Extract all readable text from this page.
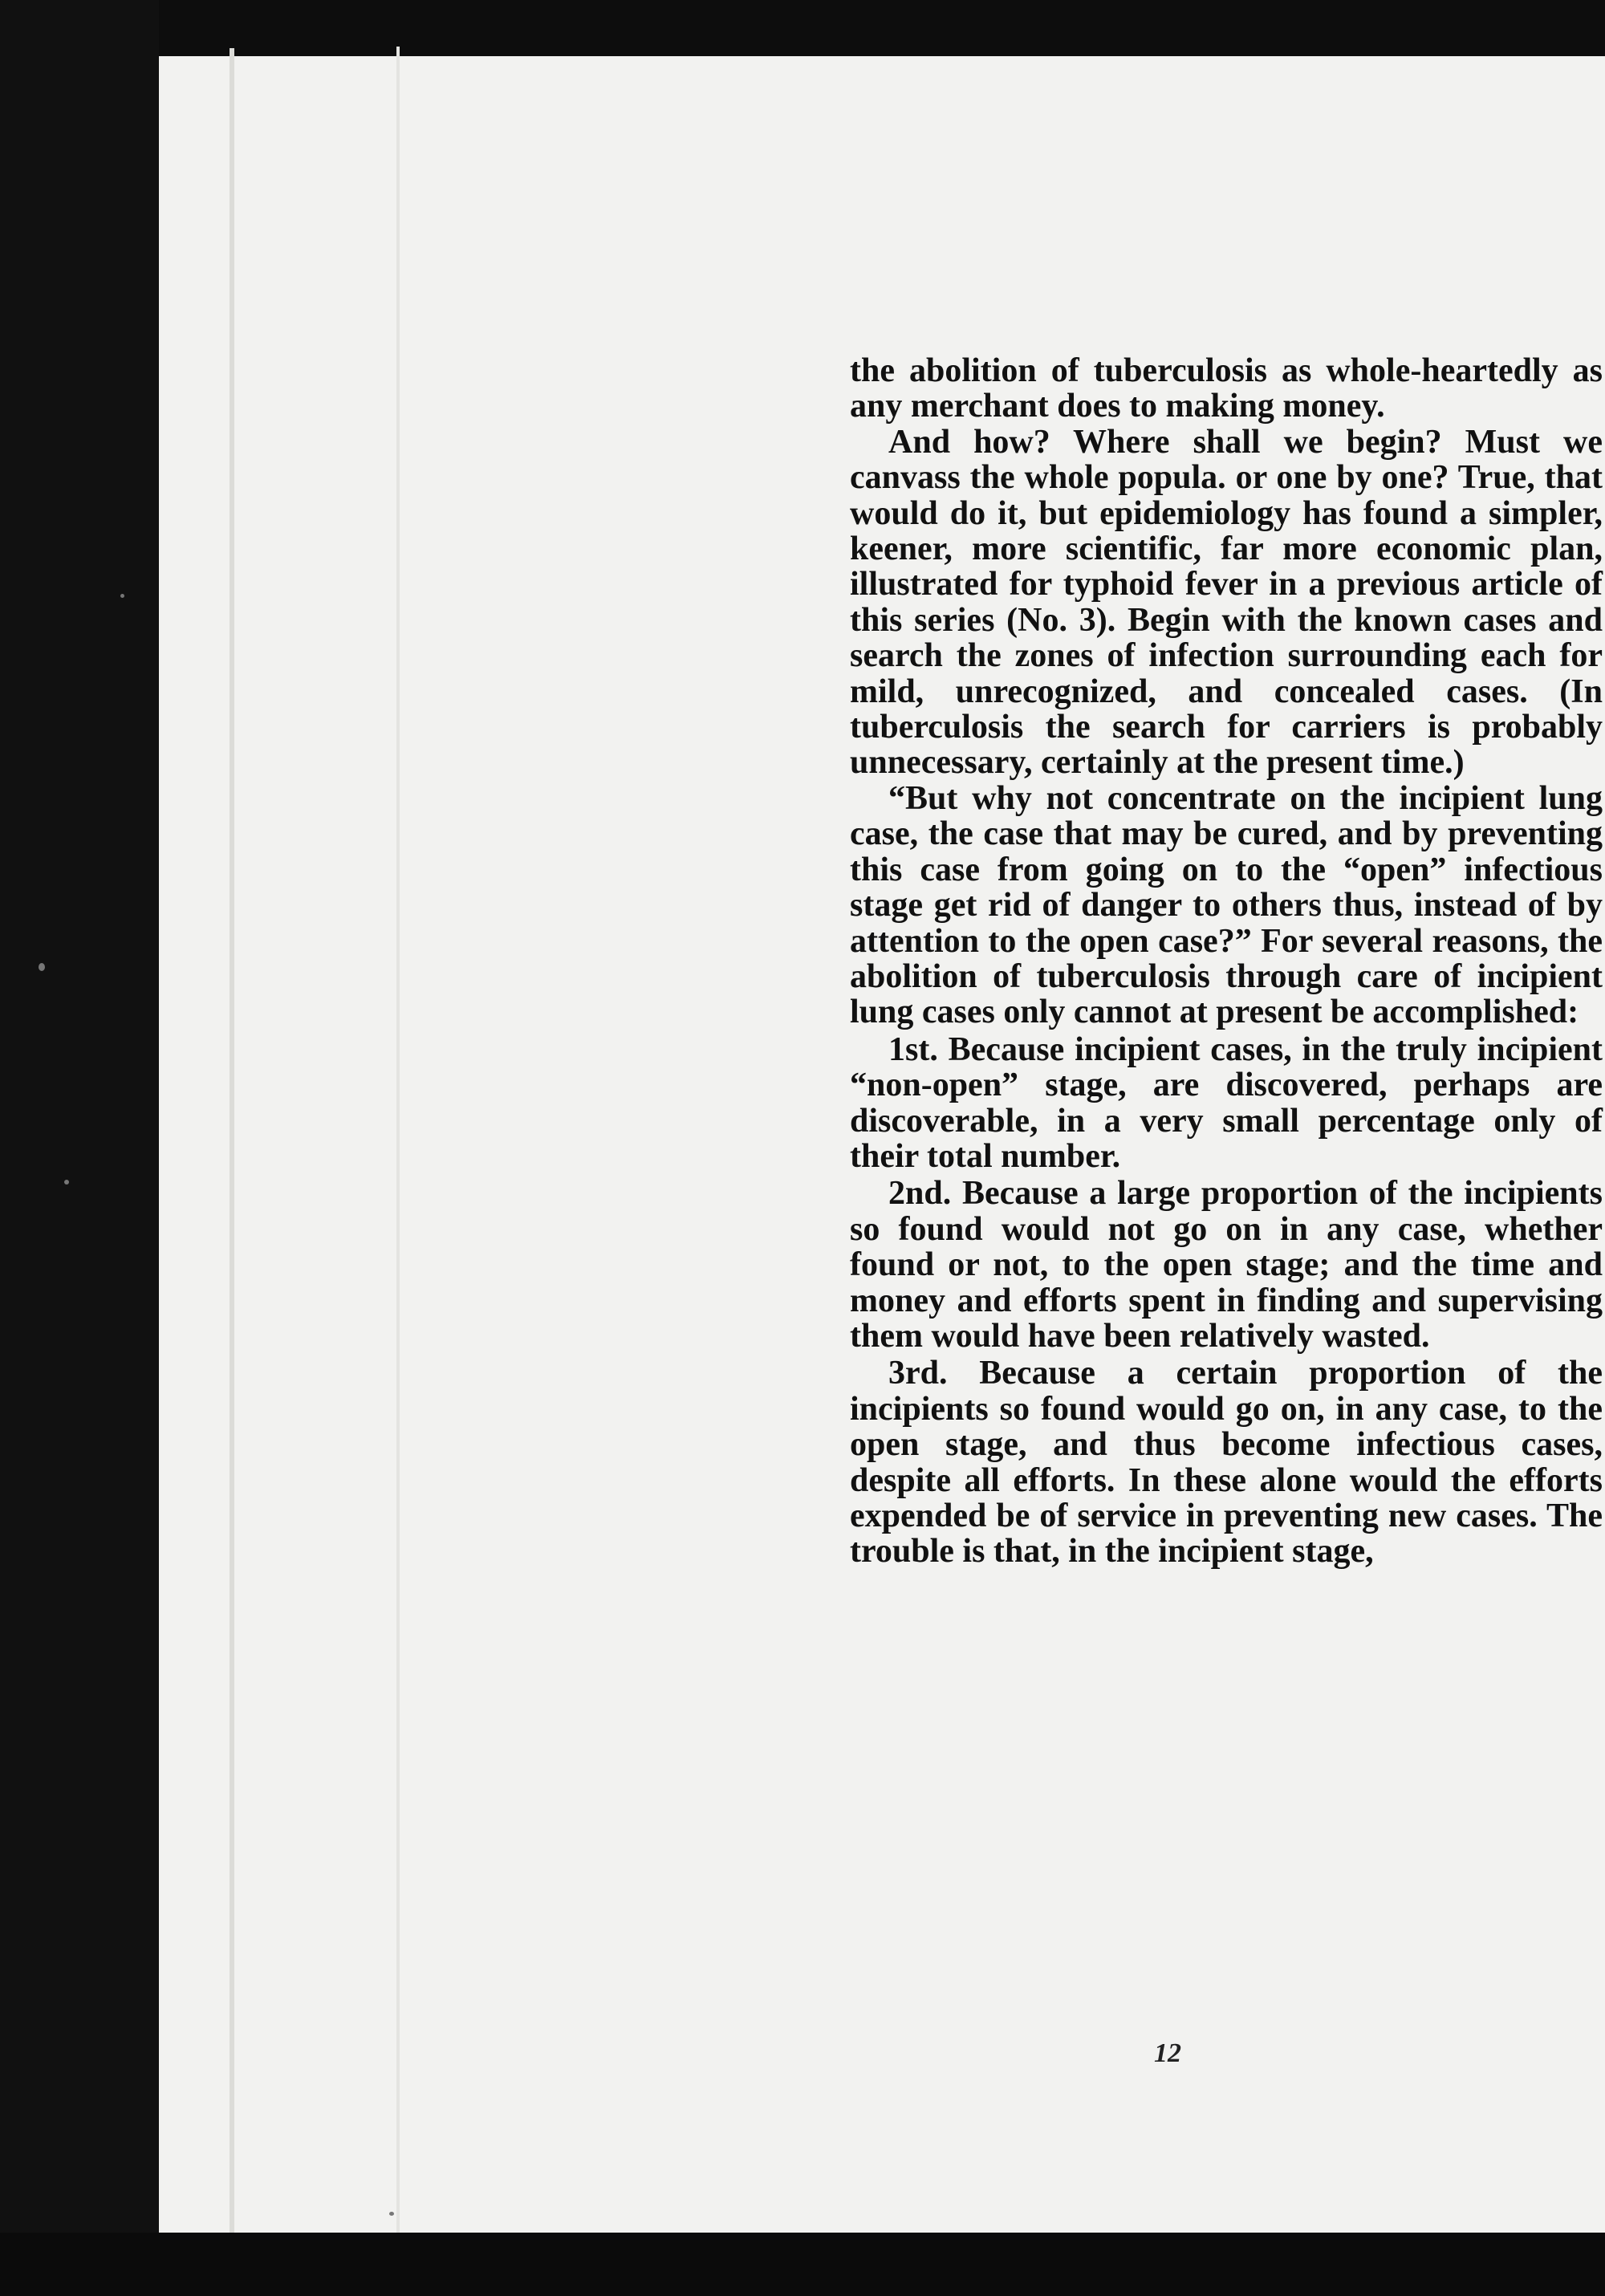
the abolition of tuberculosis as whole-heartedly as any merchant does to making money.

And how? Where shall we begin? Must we canvass the whole popula. or one by one? True, that would do it, but epidemiology has found a simpler, keener, more scientific, far more economic plan, illustrated for typhoid fever in a previous article of this series (No. 3). Begin with the known cases and search the zones of infection surrounding each for mild, unrecognized, and concealed cases. (In tuberculosis the search for carriers is probably unnecessary, certainly at the present time.)

“But why not concentrate on the incipient lung case, the case that may be cured, and by preventing this case from going on to the “open” infectious stage get rid of danger to others thus, instead of by attention to the open case?” For several reasons, the abolition of tuberculosis through care of incipient lung cases only cannot at present be accomplished:

1st. Because incipient cases, in the truly incipient “non-open” stage, are discovered, perhaps are discoverable, in a very small percentage only of their total number.

2nd. Because a large proportion of the incipients so found would not go on in any case, whether found or not, to the open stage; and the time and money and efforts spent in finding and supervising them would have been relatively wasted.

3rd. Because a certain proportion of the incipients so found would go on, in any case, to the open stage, and thus become infectious cases, despite all efforts. In these alone would the efforts expended be of service in preventing new cases. The trouble is that, in the incipient stage,

12
